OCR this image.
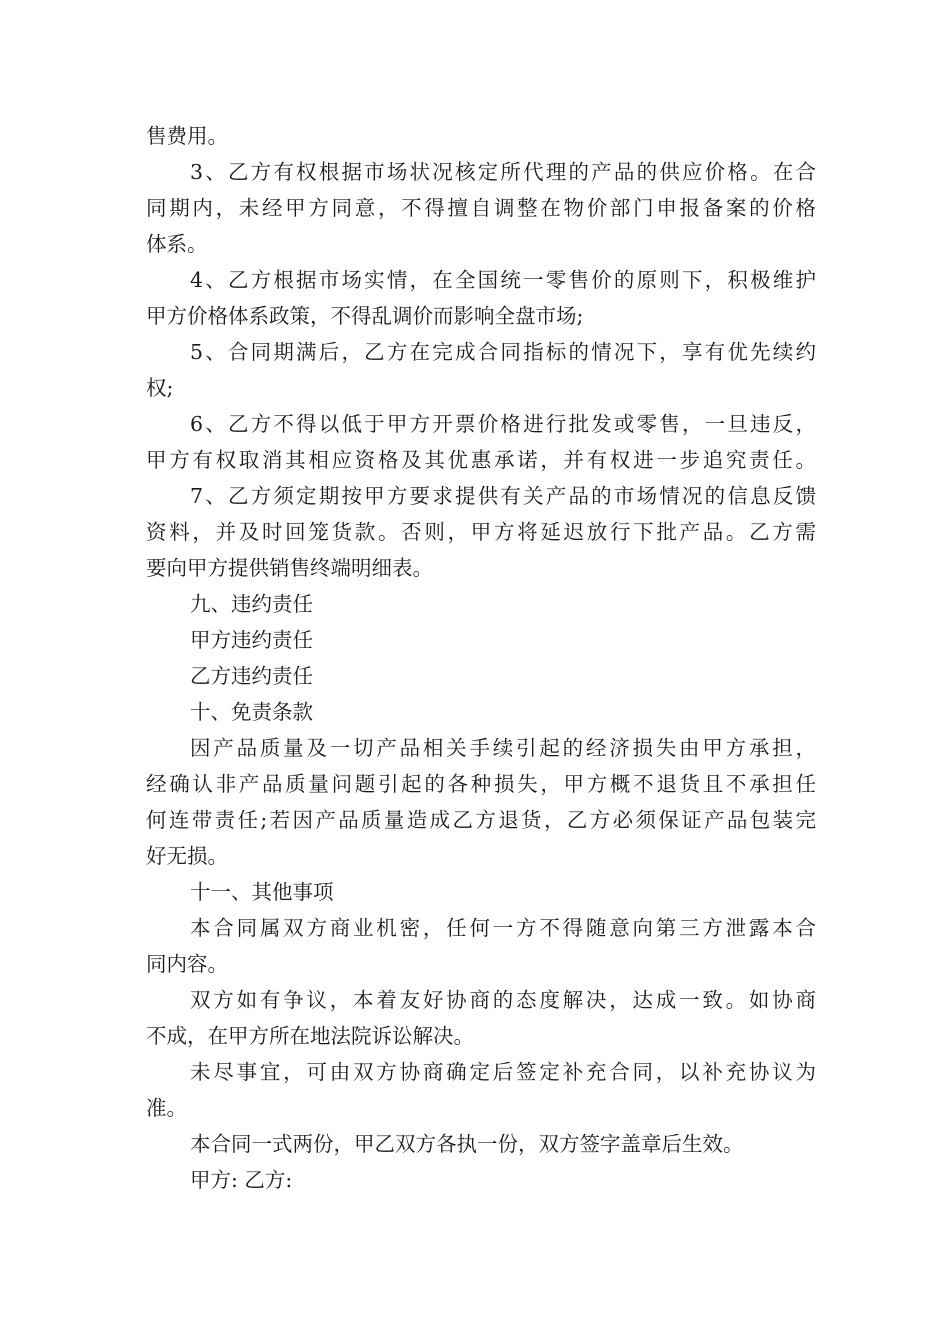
售费用。
3、乙方有权根据市场状况核定所代理的产品的供应价格。在合
同期内，未经甲方同意，不得擅自调整在物价部门申报备案的价格
体系。
4、乙方根据市场实情，在全国统一零售价的原则下，积极维护
甲方价格体系政策，不得乱调价而影响全盘市场;
5、合同期满后，乙方在完成合同指标的情况下，享有优先续约
权;
6、乙方不得以低于甲方开票价格进行批发或零售，一旦违反，
甲方有权取消其相应资格及其优惠承诺，并有权进一步追究责任。
7、乙方须定期按甲方要求提供有关产品的市场情况的信息反馈
资料，并及时回笼货款。否则，甲方将延迟放行下批产品。乙方需
要向甲方提供销售终端明细表。
九、违约责任
甲方违约责任
乙方违约责任
十、免责条款
因产品质量及一切产品相关手续引起的经济损失由甲方承担，
经确认非产品质量问题引起的各种损失，甲方概不退货且不承担任
何连带责任;若因产品质量造成乙方退货，乙方必须保证产品包装完
好无损。
十一、其他事项
本合同属双方商业机密，任何一方不得随意向第三方泄露本合
同内容。
双方如有争议，本着友好协商的态度解决，达成一致。如协商
不成，在甲方所在地法院诉讼解决。
未尽事宜，可由双方协商确定后签定补充合同，以补充协议为
准。
本合同一式两份，甲乙双方各执一份，双方签字盖章后生效。
甲方: 乙方:
